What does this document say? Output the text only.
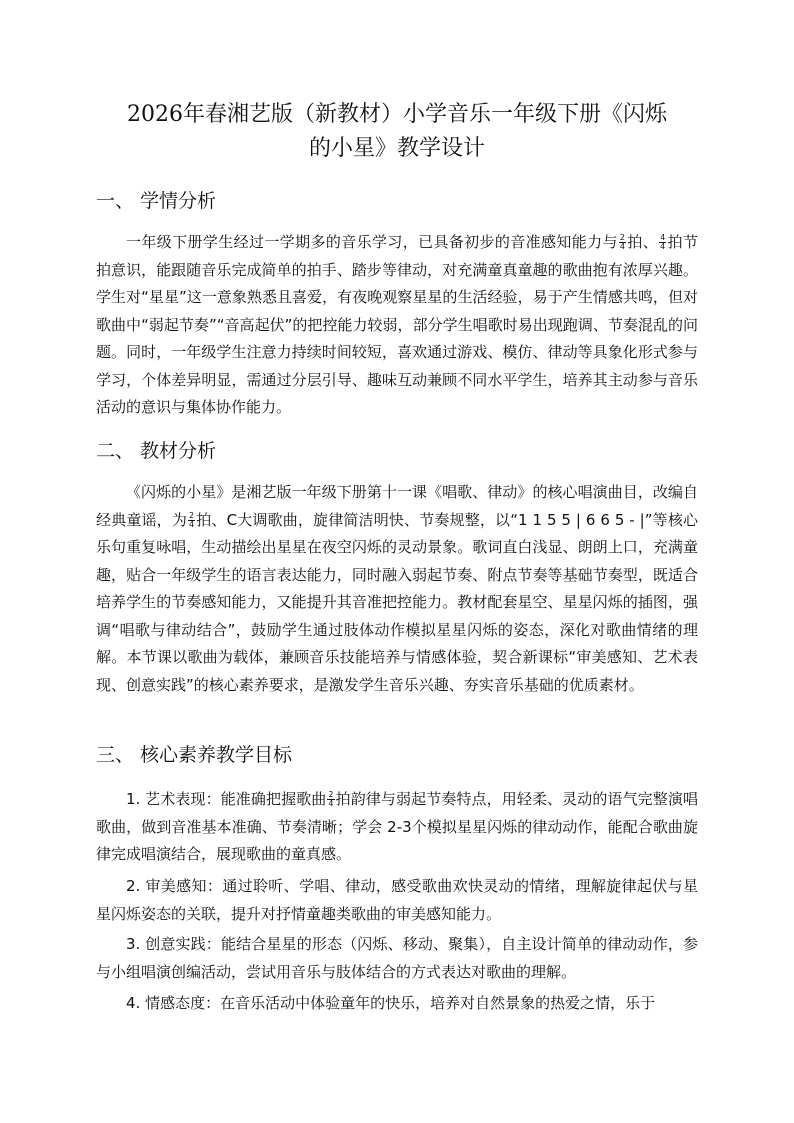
2026年春湘艺版（新教材）小学音乐一年级下册《闪烁
的小星》教学设计
一、 学情分析
一年级下册学生经过一学期多的音乐学习，已具备初步的音准感知能力与 $\frac{2}{4}$ 拍、 $\frac{4}{4}$ 拍节拍意识，能跟随音乐完成简单的拍手、踏步等律动，对充满童真童趣的歌曲抱有浓厚兴趣。学生对“星星”这一意象熟悉且喜爱，有夜晚观察星星的生活经验，易于产生情感共鸣，但对歌曲中“弱起节奏”“音高起伏”的把控能力较弱，部分学生唱歌时易出现跑调、节奏混乱的问题。同时，一年级学生注意力持续时间较短，喜欢通过游戏、模仿、律动等具象化形式参与学习，个体差异明显，需通过分层引导、趣味互动兼顾不同水平学生，培养其主动参与音乐活动的意识与集体协作能力。
二、 教材分析
《闪烁的小星》是湘艺版一年级下册第十一课《唱歌、律动》的核心唱演曲目，改编自经典童谣，为 $\frac{2}{4}$ 拍、C大调歌曲，旋律简洁明快、节奏规整，以“1 1 5 5 | 6 6 5 - |”等核心乐句重复咏唱，生动描绘出星星在夜空闪烁的灵动景象。歌词直白浅显、朗朗上口，充满童趣，贴合一年级学生的语言表达能力，同时融入弱起节奏、附点节奏等基础节奏型，既适合培养学生的节奏感知能力，又能提升其音准把控能力。教材配套星空、星星闪烁的插图，强调“唱歌与律动结合”，鼓励学生通过肢体动作模拟星星闪烁的姿态，深化对歌曲情绪的理解。本节课以歌曲为载体，兼顾音乐技能培养与情感体验，契合新课标“审美感知、艺术表现、创意实践”的核心素养要求，是激发学生音乐兴趣、夯实音乐基础的优质素材。
三、 核心素养教学目标
1. 艺术表现：能准确把握歌曲 $\frac{2}{4}$ 拍韵律与弱起节奏特点，用轻柔、灵动的语气完整演唱歌曲，做到音准基本准确、节奏清晰；学会 2-3个模拟星星闪烁的律动动作，能配合歌曲旋律完成唱演结合，展现歌曲的童真感。
2. 审美感知：通过聆听、学唱、律动，感受歌曲欢快灵动的情绪，理解旋律起伏与星星闪烁姿态的关联，提升对抒情童趣类歌曲的审美感知能力。
3. 创意实践：能结合星星的形态（闪烁、移动、聚集），自主设计简单的律动动作，参与小组唱演创编活动，尝试用音乐与肢体结合的方式表达对歌曲的理解。
4. 情感态度：在音乐活动中体验童年的快乐，培养对自然景象的热爱之情，乐于
